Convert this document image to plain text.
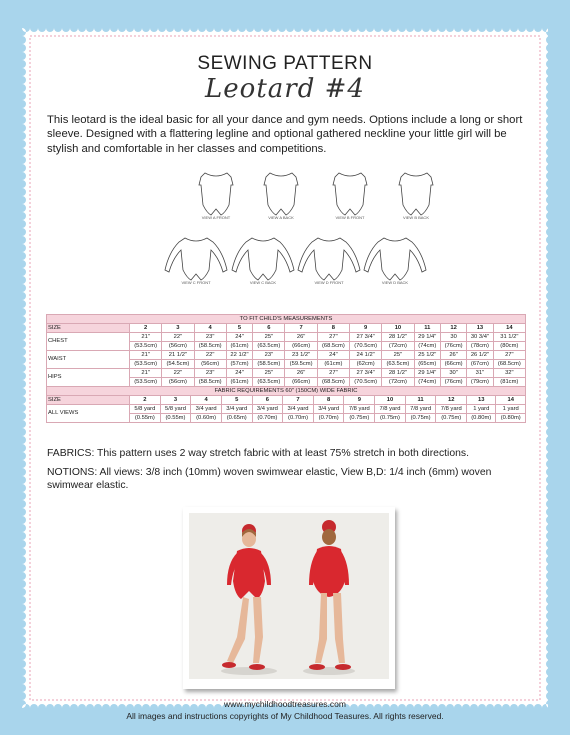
SEWING PATTERN
Leotard #4
This leotard is the ideal basic for all your dance and gym needs. Options include a long or short sleeve. Designed with a flattering legline and optional gathered neckline your little girl will be stylish and comfortable in her classes and competitions.
VIEW A FRONT	VIEW A BACK	VIEW B FRONT	VIEW B BACK
VIEW C FRONT	VIEW C BACK	VIEW D FRONT	VIEW D BACK
TO FIT CHILD'S MEASUREMENTS													
SIZE	2	3	4	5	6	7	8	9	10	11	12	13	14
CHEST	21"	22"	23"	24"	25"	26"	27"	27 3/4"	28 1/2"	29 1/4"	30	30 3/4"	31 1/2"
	(53.5cm)	(56cm)	(58.5cm)	(61cm)	(63.5cm)	(66cm)	(68.5cm)	(70.5cm)	(72cm)	(74cm)	(76cm)	(78cm)	(80cm)
WAIST	21"	21 1/2"	22"	22 1/2"	23"	23 1/2"	24"	24 1/2"	25"	25 1/2"	26"	26 1/2"	27"
	(53.5cm)	(54.5cm)	(56cm)	(57cm)	(58.5cm)	(59.5cm)	(61cm)	(62cm)	(63.5cm)	(65cm)	(66cm)	(67cm)	(68.5cm)
HIPS	21"	22"	23"	24"	25"	26"	27"	27 3/4"	28 1/2"	29 1/4"	30"	31"	32"
	(53.5cm)	(56cm)	(58.5cm)	(61cm)	(63.5cm)	(66cm)	(68.5cm)	(70.5cm)	(72cm)	(74cm)	(76cm)	(79cm)	(81cm)
FABRIC REQUIREMENTS 60" (150CM) WIDE FABRIC													
SIZE	2	3	4	5	6	7	8	9	10	11	12	13	14
ALL VIEWS	5/8 yard	5/8 yard	3/4 yard	3/4 yard	3/4 yard	3/4 yard	3/4 yard	7/8 yard	7/8 yard	7/8 yard	7/8 yard	1 yard	1 yard
	(0.55m)	(0.55m)	(0.60m)	(0.65m)	(0.70m)	(0.70m)	(0.70m)	(0.75m)	(0.75m)	(0.75m)	(0.75m)	(0.80m)	(0.80m)
FABRICS: This pattern uses 2 way stretch fabric with at least 75% stretch in both directions.
NOTIONS: All views: 3/8 inch (10mm) woven swimwear elastic, View B,D: 1/4 inch (6mm) woven swimwear elastic.
www.mychildhoodtreasures.com
All images and instructions copyrights of My Childhood Teasures. All rights reserved.
